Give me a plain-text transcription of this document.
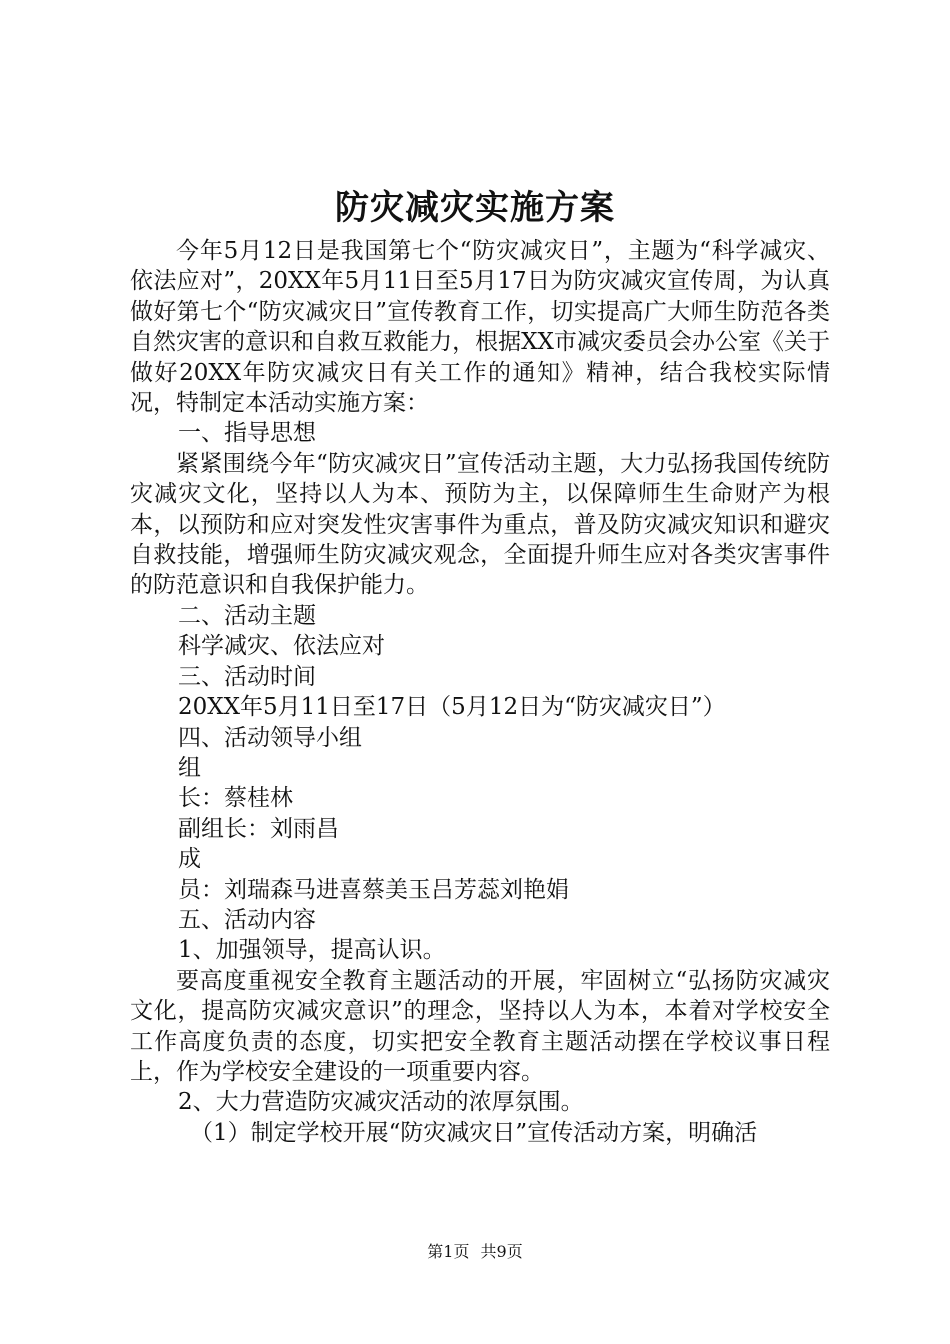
防灾减灾实施方案

今年5月12日是我国第七个“防灾减灾日”，主题为“科学减灾、依法应对”，20XX年5月11日至5月17日为防灾减灾宣传周，为认真做好第七个“防灾减灾日”宣传教育工作，切实提高广大师生防范各类自然灾害的意识和自救互救能力，根据XX市减灾委员会办公室《关于做好20XX年防灾减灾日有关工作的通知》精神，结合我校实际情况，特制定本活动实施方案：

一、指导思想

紧紧围绕今年“防灾减灾日”宣传活动主题，大力弘扬我国传统防灾减灾文化，坚持以人为本、预防为主，以保障师生生命财产为根本，以预防和应对突发性灾害事件为重点，普及防灾减灾知识和避灾自救技能，增强师生防灾减灾观念，全面提升师生应对各类灾害事件的防范意识和自我保护能力。

二、活动主题

科学减灾、依法应对

三、活动时间

20XX年5月11日至17日（5月12日为“防灾减灾日”）

四、活动领导小组

组

长：蔡桂林

副组长：刘雨昌

成

员：刘瑞森马进喜蔡美玉吕芳蕊刘艳娟

五、活动内容

1、加强领导，提高认识。

要高度重视安全教育主题活动的开展，牢固树立“弘扬防灾减灾文化，提高防灾减灾意识”的理念，坚持以人为本，本着对学校安全工作高度负责的态度，切实把安全教育主题活动摆在学校议事日程上，作为学校安全建设的一项重要内容。

2、大力营造防灾减灾活动的浓厚氛围。

（1）制定学校开展“防灾减灾日”宣传活动方案，明确活

第1页 共9页
